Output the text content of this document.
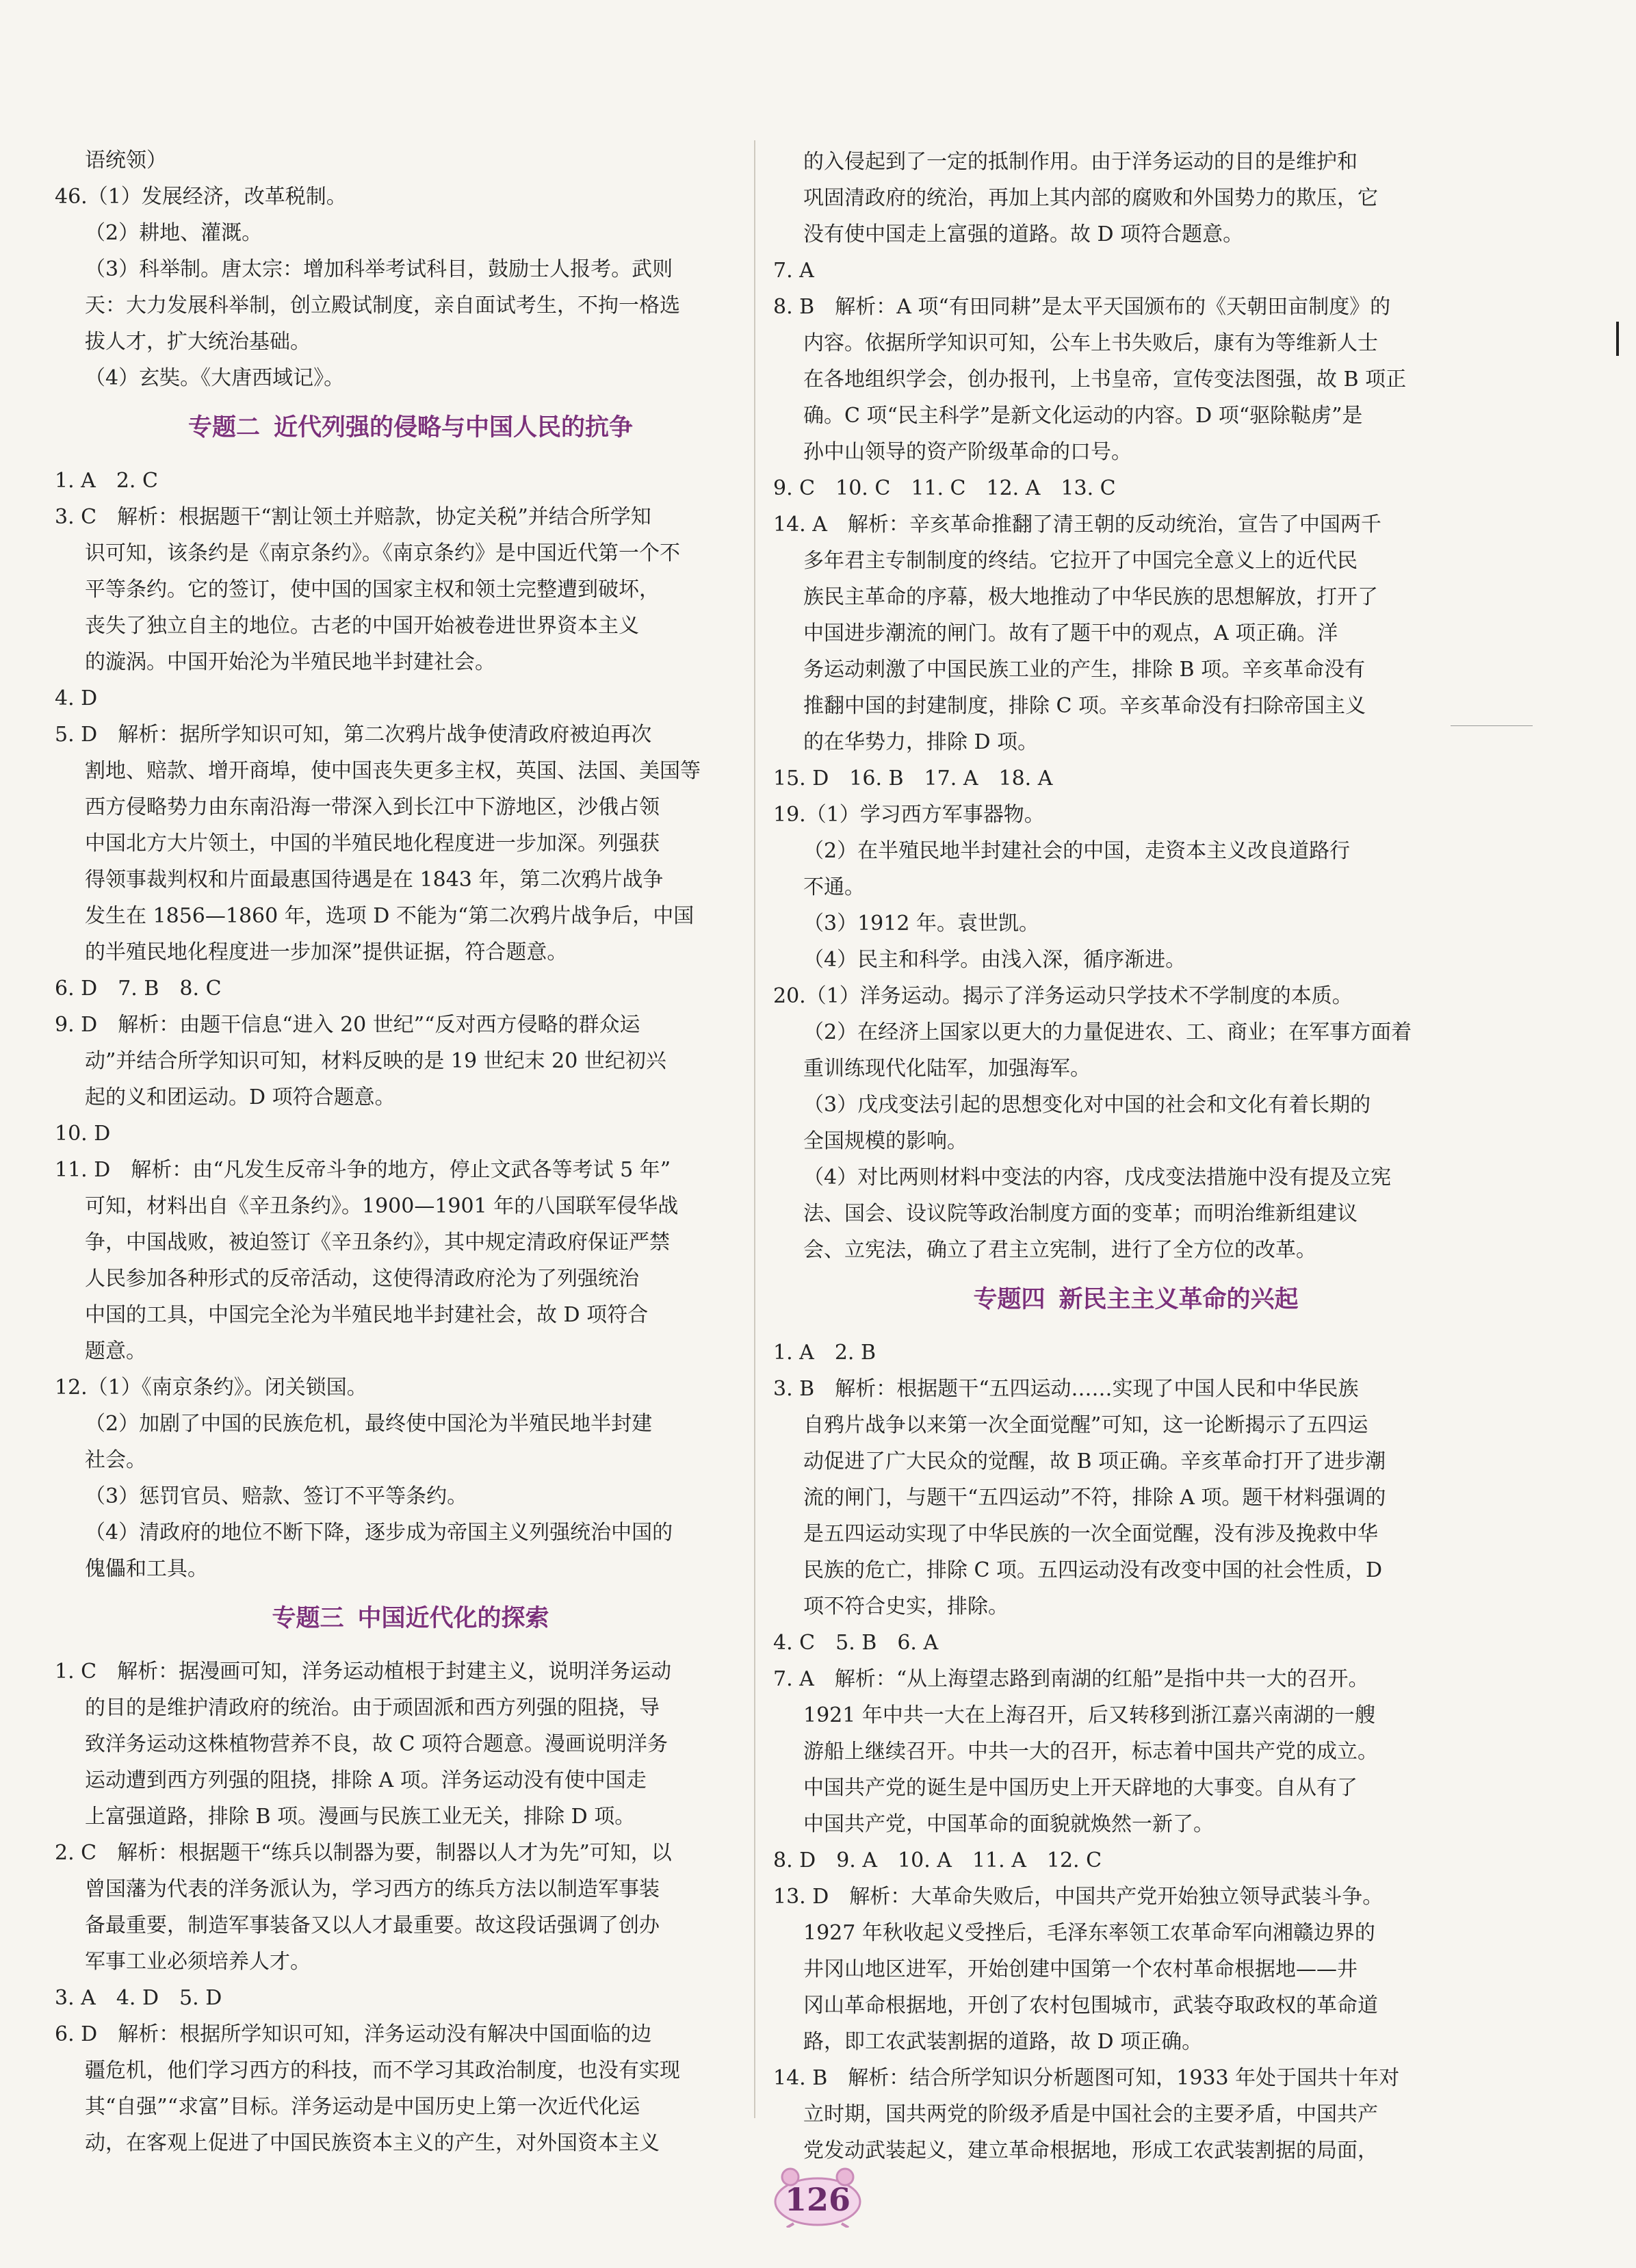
语统领）
46.（1）发展经济，改革税制。
（2）耕地、灌溉。
（3）科举制。唐太宗：增加科举考试科目，鼓励士人报考。武则
天：大力发展科举制，创立殿试制度，亲自面试考生，不拘一格选
拔人才，扩大统治基础。
（4）玄奘。《大唐西域记》。
专题二 近代列强的侵略与中国人民的抗争
1. A　2. C
3. C　解析：根据题干“割让领土并赔款，协定关税”并结合所学知
识可知，该条约是《南京条约》。《南京条约》是中国近代第一个不
平等条约。它的签订，使中国的国家主权和领土完整遭到破坏，
丧失了独立自主的地位。古老的中国开始被卷进世界资本主义
的漩涡。中国开始沦为半殖民地半封建社会。
4. D
5. D　解析：据所学知识可知，第二次鸦片战争使清政府被迫再次
割地、赔款、增开商埠，使中国丧失更多主权，英国、法国、美国等
西方侵略势力由东南沿海一带深入到长江中下游地区，沙俄占领
中国北方大片领土，中国的半殖民地化程度进一步加深。列强获
得领事裁判权和片面最惠国待遇是在 1843 年，第二次鸦片战争
发生在 1856—1860 年，选项 D 不能为“第二次鸦片战争后，中国
的半殖民地化程度进一步加深”提供证据，符合题意。
6. D　7. B　8. C
9. D　解析：由题干信息“进入 20 世纪”“反对西方侵略的群众运
动”并结合所学知识可知，材料反映的是 19 世纪末 20 世纪初兴
起的义和团运动。D 项符合题意。
10. D
11. D　解析：由“凡发生反帝斗争的地方，停止文武各等考试 5 年”
可知，材料出自《辛丑条约》。1900—1901 年的八国联军侵华战
争，中国战败，被迫签订《辛丑条约》，其中规定清政府保证严禁
人民参加各种形式的反帝活动，这使得清政府沦为了列强统治
中国的工具，中国完全沦为半殖民地半封建社会，故 D 项符合
题意。
12.（1）《南京条约》。闭关锁国。
（2）加剧了中国的民族危机，最终使中国沦为半殖民地半封建
社会。
（3）惩罚官员、赔款、签订不平等条约。
（4）清政府的地位不断下降，逐步成为帝国主义列强统治中国的
傀儡和工具。
专题三 中国近代化的探索
1. C　解析：据漫画可知，洋务运动植根于封建主义，说明洋务运动
的目的是维护清政府的统治。由于顽固派和西方列强的阻挠，导
致洋务运动这株植物营养不良，故 C 项符合题意。漫画说明洋务
运动遭到西方列强的阻挠，排除 A 项。洋务运动没有使中国走
上富强道路，排除 B 项。漫画与民族工业无关，排除 D 项。
2. C　解析：根据题干“练兵以制器为要，制器以人才为先”可知，以
曾国藩为代表的洋务派认为，学习西方的练兵方法以制造军事装
备最重要，制造军事装备又以人才最重要。故这段话强调了创办
军事工业必须培养人才。
3. A　4. D　5. D
6. D　解析：根据所学知识可知，洋务运动没有解决中国面临的边
疆危机，他们学习西方的科技，而不学习其政治制度，也没有实现
其“自强”“求富”目标。洋务运动是中国历史上第一次近代化运
动，在客观上促进了中国民族资本主义的产生，对外国资本主义
的入侵起到了一定的抵制作用。由于洋务运动的目的是维护和
巩固清政府的统治，再加上其内部的腐败和外国势力的欺压，它
没有使中国走上富强的道路。故 D 项符合题意。
7. A
8. B　解析：A 项“有田同耕”是太平天国颁布的《天朝田亩制度》的
内容。依据所学知识可知，公车上书失败后，康有为等维新人士
在各地组织学会，创办报刊，上书皇帝，宣传变法图强，故 B 项正
确。C 项“民主科学”是新文化运动的内容。D 项“驱除鞑虏”是
孙中山领导的资产阶级革命的口号。
9. C　10. C　11. C　12. A　13. C
14. A　解析：辛亥革命推翻了清王朝的反动统治，宣告了中国两千
多年君主专制制度的终结。它拉开了中国完全意义上的近代民
族民主革命的序幕，极大地推动了中华民族的思想解放，打开了
中国进步潮流的闸门。故有了题干中的观点，A 项正确。洋
务运动刺激了中国民族工业的产生，排除 B 项。辛亥革命没有
推翻中国的封建制度，排除 C 项。辛亥革命没有扫除帝国主义
的在华势力，排除 D 项。
15. D　16. B　17. A　18. A
19.（1）学习西方军事器物。
（2）在半殖民地半封建社会的中国，走资本主义改良道路行
不通。
（3）1912 年。袁世凯。
（4）民主和科学。由浅入深，循序渐进。
20.（1）洋务运动。揭示了洋务运动只学技术不学制度的本质。
（2）在经济上国家以更大的力量促进农、工、商业；在军事方面着
重训练现代化陆军，加强海军。
（3）戊戌变法引起的思想变化对中国的社会和文化有着长期的
全国规模的影响。
（4）对比两则材料中变法的内容，戊戌变法措施中没有提及立宪
法、国会、设议院等政治制度方面的变革；而明治维新组建议
会、立宪法，确立了君主立宪制，进行了全方位的改革。
专题四 新民主主义革命的兴起
1. A　2. B
3. B　解析：根据题干“五四运动……实现了中国人民和中华民族
自鸦片战争以来第一次全面觉醒”可知，这一论断揭示了五四运
动促进了广大民众的觉醒，故 B 项正确。辛亥革命打开了进步潮
流的闸门，与题干“五四运动”不符，排除 A 项。题干材料强调的
是五四运动实现了中华民族的一次全面觉醒，没有涉及挽救中华
民族的危亡，排除 C 项。五四运动没有改变中国的社会性质，D
项不符合史实，排除。
4. C　5. B　6. A
7. A　解析：“从上海望志路到南湖的红船”是指中共一大的召开。
1921 年中共一大在上海召开，后又转移到浙江嘉兴南湖的一艘
游船上继续召开。中共一大的召开，标志着中国共产党的成立。
中国共产党的诞生是中国历史上开天辟地的大事变。自从有了
中国共产党，中国革命的面貌就焕然一新了。
8. D　9. A　10. A　11. A　12. C
13. D　解析：大革命失败后，中国共产党开始独立领导武装斗争。
1927 年秋收起义受挫后，毛泽东率领工农革命军向湘赣边界的
井冈山地区进军，开始创建中国第一个农村革命根据地——井
冈山革命根据地，开创了农村包围城市，武装夺取政权的革命道
路，即工农武装割据的道路，故 D 项正确。
14. B　解析：结合所学知识分析题图可知，1933 年处于国共十年对
立时期，国共两党的阶级矛盾是中国社会的主要矛盾，中国共产
党发动武装起义，建立革命根据地，形成工农武装割据的局面，
126
